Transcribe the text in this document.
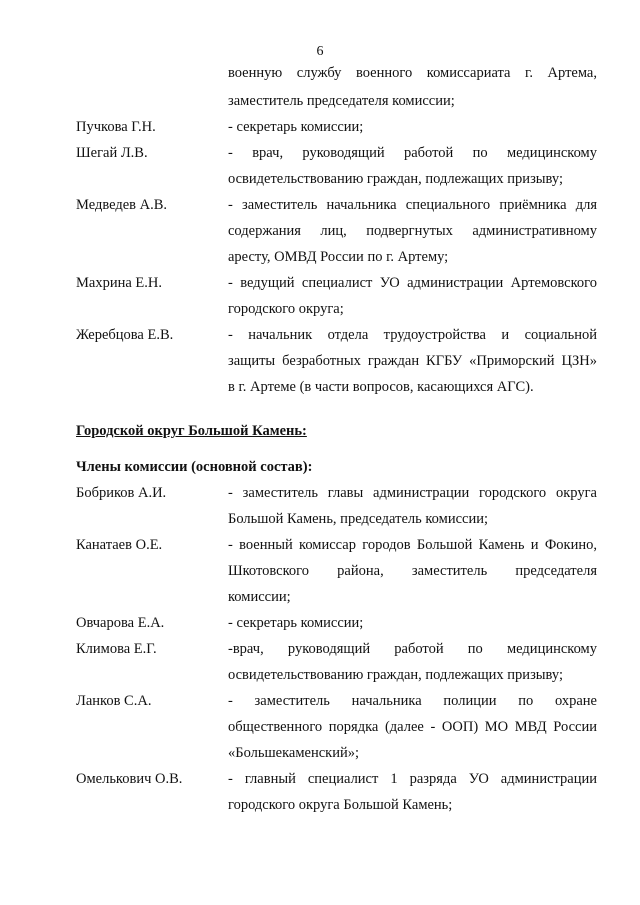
6
военную службу военного комиссариата г. Артема,
заместитель председателя комиссии;
Пучкова Г.Н.	- секретарь комиссии;
Шегай Л.В.	- врач, руководящий работой по медицинскому
освидетельствованию граждан, подлежащих призыву;
Медведев А.В.	- заместитель начальника специального приёмника для
содержания лиц, подвергнутых административному
аресту, ОМВД России по г. Артему;
Махрина Е.Н.	- ведущий специалист УО администрации Артемовского
городского округа;
Жеребцова Е.В.	- начальник отдела трудоустройства и социальной
защиты безработных граждан КГБУ «Приморский ЦЗН»
в г. Артеме (в части вопросов, касающихся АГС).
Городской округ Большой Камень:
Члены комиссии (основной состав):
Бобриков А.И.	- заместитель главы администрации городского округа
Большой Камень, председатель комиссии;
Канатаев О.Е.	- военный комиссар городов Большой Камень и Фокино,
Шкотовского района, заместитель председателя
комиссии;
Овчарова Е.А.	- секретарь комиссии;
Климова Е.Г.	-врач, руководящий работой по медицинскому
освидетельствованию граждан, подлежащих призыву;
Ланков С.А.	- заместитель начальника полиции по охране
общественного порядка (далее - ООП) МО МВД России
«Большекаменский»;
Омелькович О.В.	- главный специалист 1 разряда УО администрации
городского округа Большой Камень;
